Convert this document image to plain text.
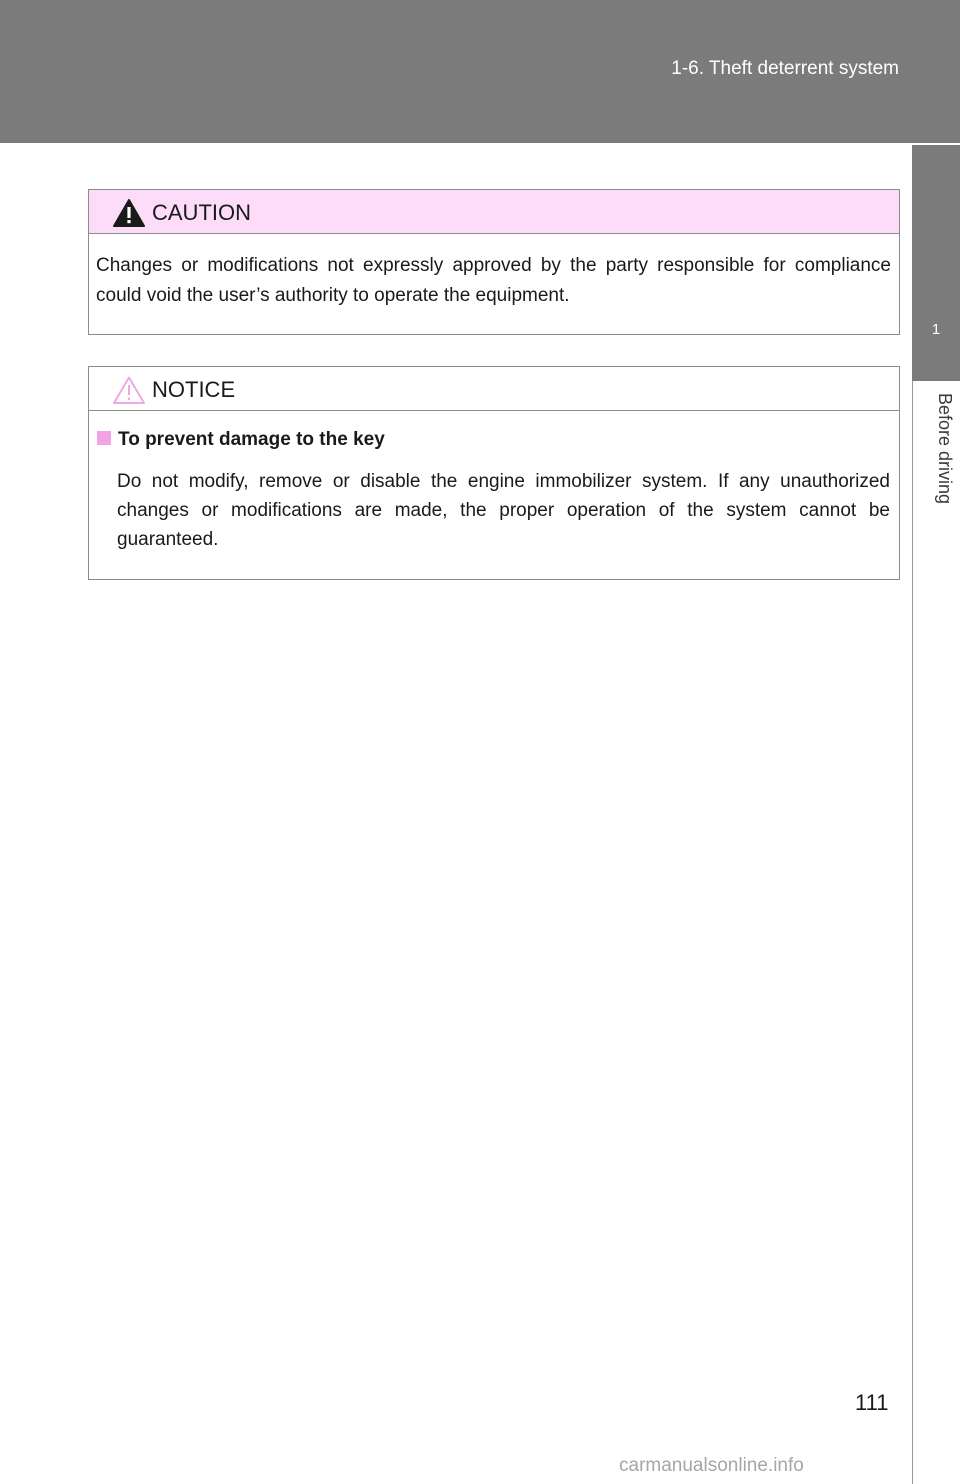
1-6. Theft deterrent system
1
Before driving
CAUTION
Changes or modifications not expressly approved by the party responsible for compliance could void the user’s authority to operate the equipment.
NOTICE
To prevent damage to the key
Do not modify, remove or disable the engine immobilizer system. If any unauthorized changes or modifications are made, the proper operation of the system cannot be guaranteed.
111
carmanualsonline.info
